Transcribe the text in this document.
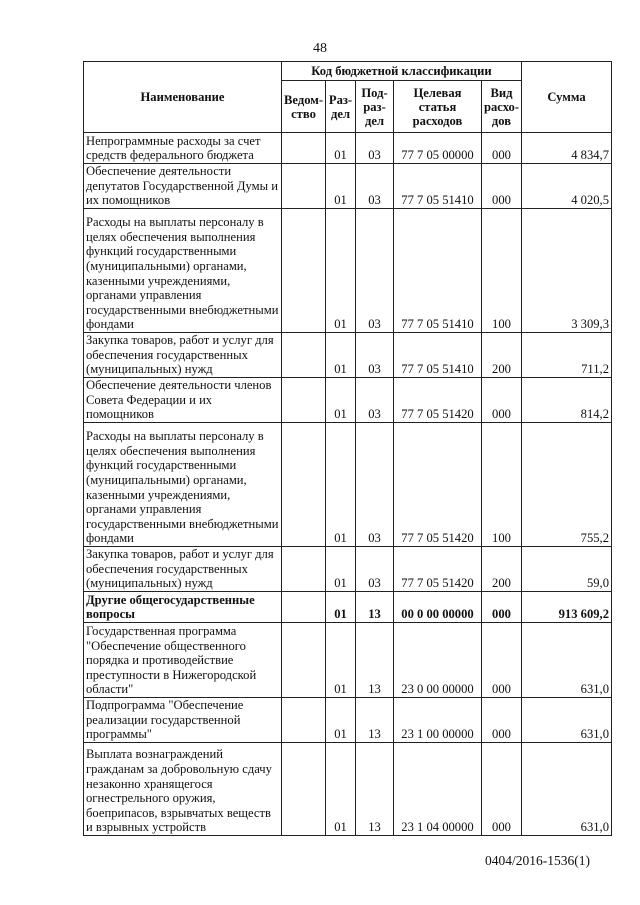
48
Наименование	Код бюджетной классификации					Сумма
	Ведом-ство	Раз-дел	Под-раз-дел	Целевая статья расходов	Вид расхо-дов	
Непрограммные расходы за счет средств федерального бюджета		01	03	77 7 05 00000	000	4 834,7
Обеспечение деятельности депутатов Государственной Думы и их помощников		01	03	77 7 05 51410	000	4 020,5
Расходы на выплаты персоналу в целях обеспечения выполнения функций государственными (муниципальными) органами, казенными учреждениями, органами управления государственными внебюджетными фондами		01	03	77 7 05 51410	100	3 309,3
Закупка товаров, работ и услуг для обеспечения государственных (муниципальных) нужд		01	03	77 7 05 51410	200	711,2
Обеспечение деятельности членов Совета Федерации и их помощников		01	03	77 7 05 51420	000	814,2
Расходы на выплаты персоналу в целях обеспечения выполнения функций государственными (муниципальными) органами, казенными учреждениями, органами управления государственными внебюджетными фондами		01	03	77 7 05 51420	100	755,2
Закупка товаров, работ и услуг для обеспечения государственных (муниципальных) нужд		01	03	77 7 05 51420	200	59,0
Другие общегосударственные вопросы		01	13	00 0 00 00000	000	913 609,2
Государственная программа "Обеспечение общественного порядка и противодействие преступности в Нижегородской области"		01	13	23 0 00 00000	000	631,0
Подпрограмма "Обеспечение реализации государственной программы"		01	13	23 1 00 00000	000	631,0
Выплата вознаграждений гражданам за добровольную сдачу незаконно хранящегося огнестрельного оружия, боеприпасов, взрывчатых веществ и взрывных устройств		01	13	23 1 04 00000	000	631,0
0404/2016-1536(1)
